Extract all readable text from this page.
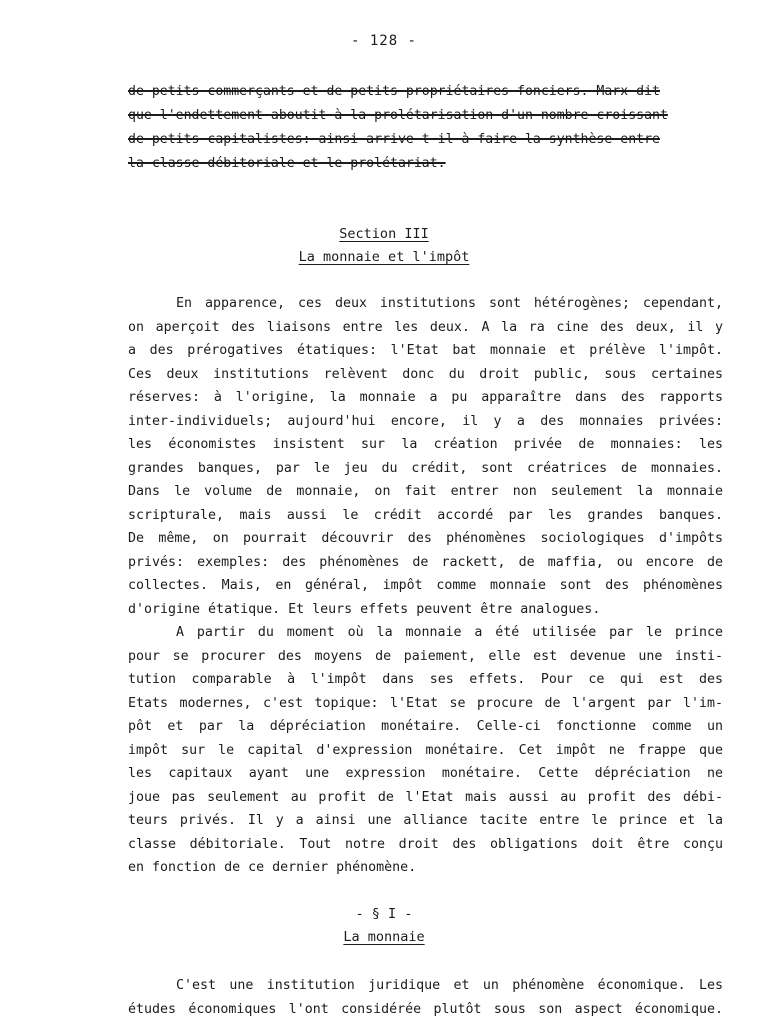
- 128 -
de petits commerçants et de petits propriétaires fonciers. Marx dit
que l'endettement aboutit à la prolétarisation d'un nombre croissant
de petits capitalistes: ainsi arrive-t-il à faire la synthèse entre
la classe débitoriale et le prolétariat.
Section III
La monnaie et l'impôt
En apparence, ces deux institutions sont hétérogènes; cependant,
on aperçoit des liaisons entre les deux. A la ra cine des deux, il y
a des prérogatives étatiques: l'Etat bat monnaie et prélève l'impôt.
Ces deux institutions relèvent donc du droit public, sous certaines
réserves: à l'origine, la monnaie a pu apparaître dans des rapports
inter-individuels; aujourd'hui encore, il y a des monnaies privées:
les économistes insistent sur la création privée de monnaies: les
grandes banques, par le jeu du crédit, sont créatrices de monnaies.
Dans le volume de monnaie, on fait entrer non seulement la monnaie
scripturale, mais aussi le crédit accordé par les grandes banques.
De même, on pourrait découvrir des phénomènes sociologiques d'impôts
privés: exemples: des phénomènes de rackett, de maffia, ou encore de
collectes. Mais, en général, impôt comme monnaie sont des phénomènes
d'origine étatique. Et leurs effets peuvent être analogues.
A partir du moment où la monnaie a été utilisée par le prince
pour se procurer des moyens de paiement, elle est devenue une insti-
tution comparable à l'impôt dans ses effets. Pour ce qui est des
Etats modernes, c'est topique: l'Etat se procure de l'argent par l'im-
pôt et par la dépréciation monétaire. Celle-ci fonctionne comme un
impôt sur le capital d'expression monétaire. Cet impôt ne frappe que
les capitaux ayant une expression monétaire. Cette dépréciation ne
joue pas seulement au profit de l'Etat mais aussi au profit des débi-
teurs privés. Il y a ainsi une alliance tacite entre le prince et la
classe débitoriale. Tout notre droit des obligations doit être conçu
en fonction de ce dernier phénomène.
- § I -
La monnaie
C'est une institution juridique et un phénomène économique. Les
études économiques l'ont considérée plutôt sous son aspect économique.
